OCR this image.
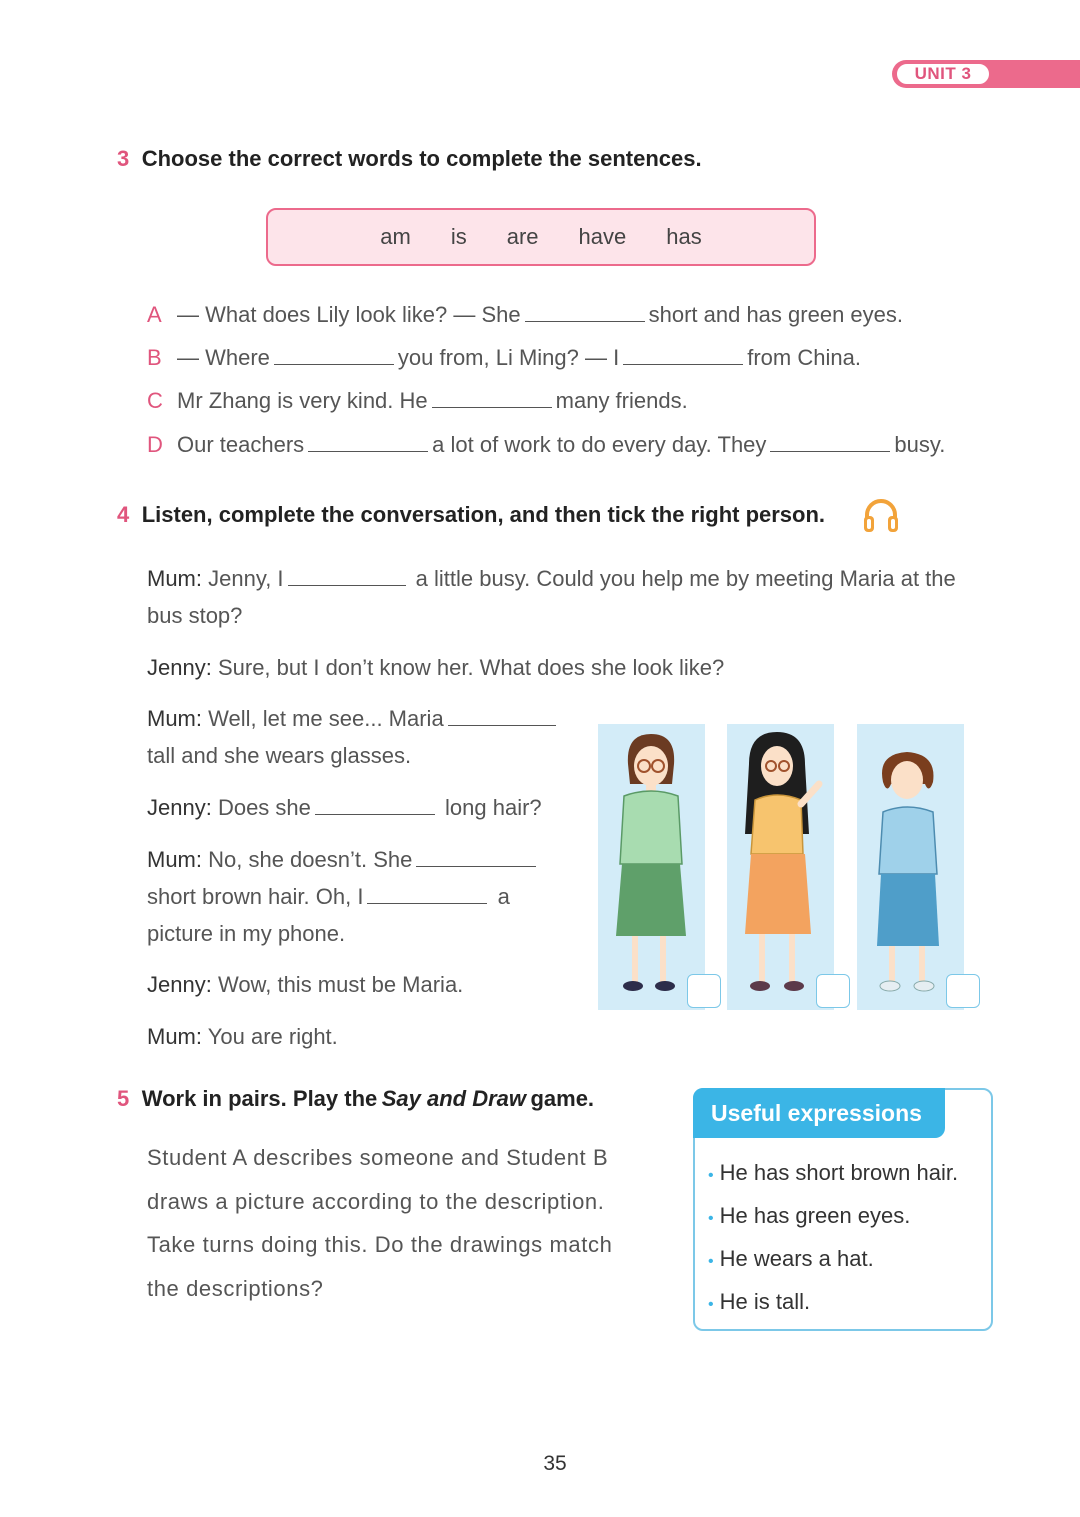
UNIT 3
3 Choose the correct words to complete the sentences.
am	is	are	have	has
A — What does Lily look like? — She	short and has green eyes.
B — Where	you from, Li Ming? — I	from China.
C Mr Zhang is very kind. He	many friends.
D Our teachers	a lot of work to do every day. They	busy.
4 Listen, complete the conversation, and then tick the right person.
Mum: Jenny, I	a little busy. Could you help me by meeting Maria at the
bus stop?
Jenny: Sure, but I don’t know her. What does she look like?
Mum: Well, let me see... Maria
tall and she wears glasses.
Jenny: Does she	long hair?
Mum: No, she doesn’t. She
short brown hair. Oh, I	a
picture in my phone.
Jenny: Wow, this must be Maria.
Mum: You are right.
5 Work in pairs. Play the Say and Draw game.
Student A describes someone and Student B
draws a picture according to the description.
Take turns doing this. Do the drawings match
the descriptions?
Useful expressions
• He has short brown hair.
• He has green eyes.
• He wears a hat.
• He is tall.
35
